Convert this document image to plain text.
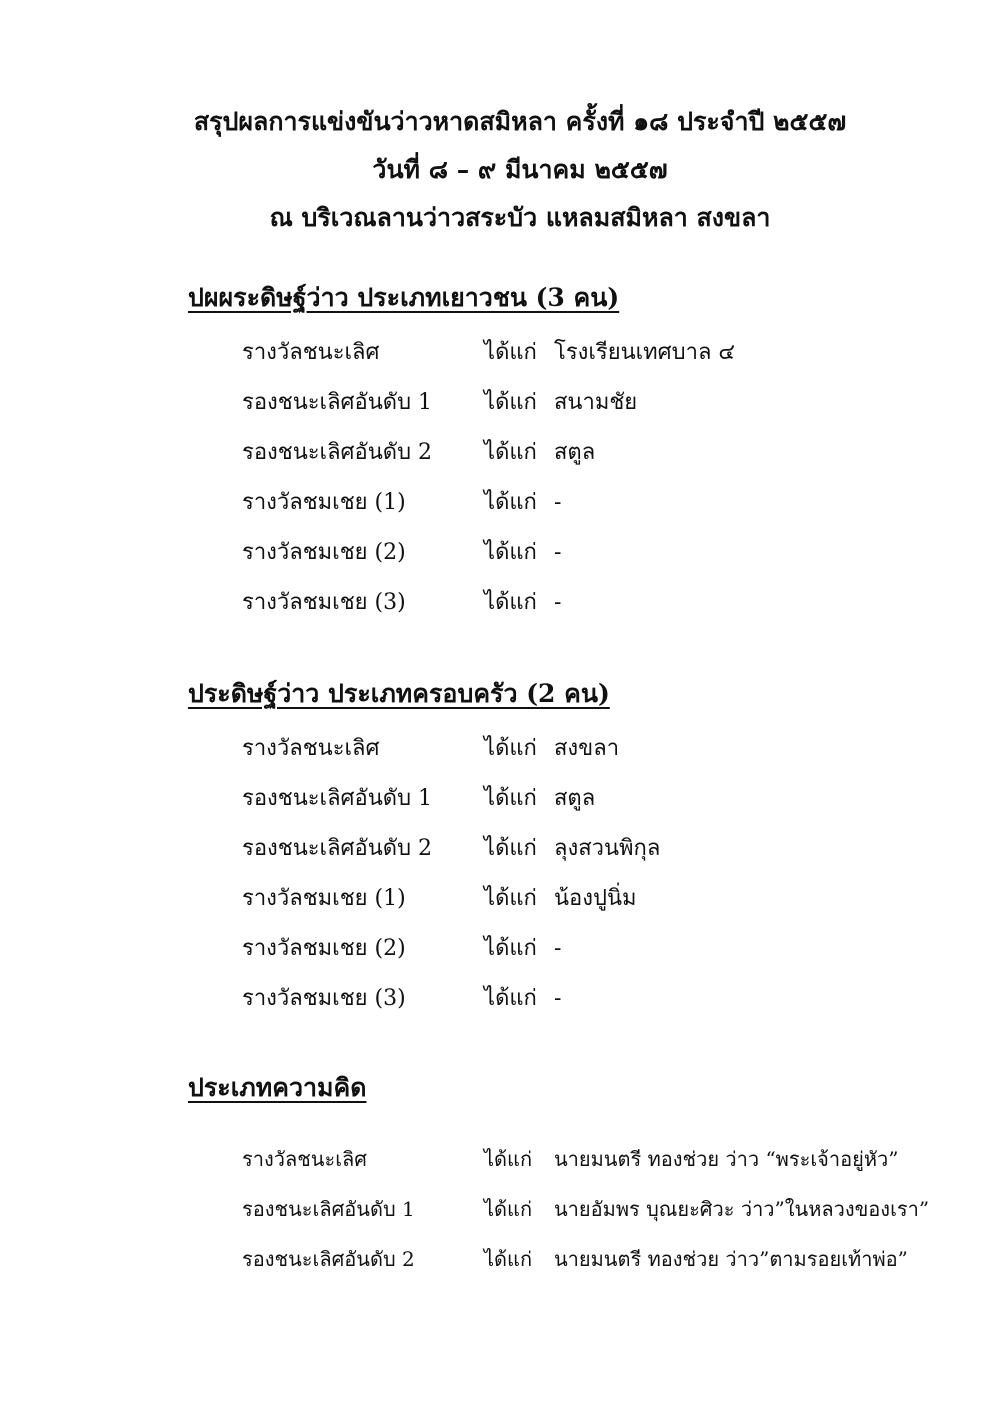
สรุปผลการแข่งขันว่าวหาดสมิหลา ครั้งที่ ๑๘ ประจำปี ๒๕๕๗
วันที่ ๘ – ๙ มีนาคม ๒๕๕๗
ณ บริเวณลานว่าวสระบัว แหลมสมิหลา สงขลา
ปผผระดิษฐ์ว่าว ประเภทเยาวชน (3 คน)
รางวัลชนะเลิศ	ได้แก่ โรงเรียนเทศบาล ๔
รองชนะเลิศอันดับ 1 ได้แก่ สนามชัย
รองชนะเลิศอันดับ 2 ได้แก่ สตูล
รางวัลชมเชย (1)	ได้แก่ -
รางวัลชมเชย (2)	ได้แก่ -
รางวัลชมเชย (3)	ได้แก่ -
ประดิษฐ์ว่าว ประเภทครอบครัว (2 คน)
รางวัลชนะเลิศ	ได้แก่ สงขลา
รองชนะเลิศอันดับ 1 ได้แก่ สตูล
รองชนะเลิศอันดับ 2 ได้แก่ ลุงสวนพิกุล
รางวัลชมเชย (1)	ได้แก่ น้องปูนิ่ม
รางวัลชมเชย (2)	ได้แก่ -
รางวัลชมเชย (3)	ได้แก่ -
ประเภทความคิด
รางวัลชนะเลิศ	ได้แก่ นายมนตรี ทองช่วย ว่าว “พระเจ้าอยู่หัว”
รองชนะเลิศอันดับ 1	ได้แก่ นายอัมพร บุณยะศิวะ ว่าว”ในหลวงของเรา”
รองชนะเลิศอันดับ 2	ได้แก่ นายมนตรี ทองช่วย ว่าว”ตามรอยเท้าพ่อ”
